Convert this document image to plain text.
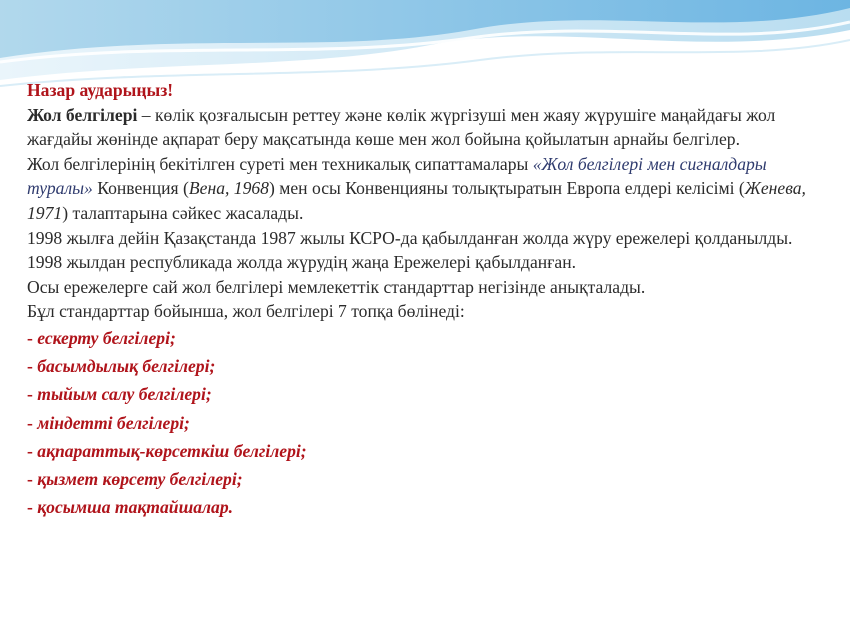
Назар аударыңыз!

Жол белгілері – көлік қозғалысын реттеу және көлік жүргізуші мен жаяу жүрушіге маңайдағы жол жағдайы жөнінде ақпарат беру мақсатында көше мен жол бойына қойылатын арнайы белгілер.

Жол белгілерінің бекітілген суреті мен техникалық сипаттамалары «Жол белгілері мен сигналдары туралы» Конвенция (Вена, 1968) мен осы Конвенцияны толықтыратын Европа елдері келісімі (Женева, 1971) талаптарына сәйкес жасалады.

1998 жылға дейін Қазақстанда 1987 жылы КСРО-да қабылданған жолда жүру ережелері қолданылды. 1998 жылдан республикада жолда жүрудің жаңа Ережелері қабылданған.

Осы ережелерге сай жол белгілері мемлекеттік стандарттар негізінде анықталады.

Бұл стандарттар бойынша, жол белгілері 7 топқа бөлінеді:

- ескерту белгілері;

- басымдылық белгілері;

- тыйым салу белгілері;

- міндетті белгілері;

- ақпараттық-көрсеткіш белгілері;

- қызмет көрсету белгілері;

- қосымша тақтайшалар.
